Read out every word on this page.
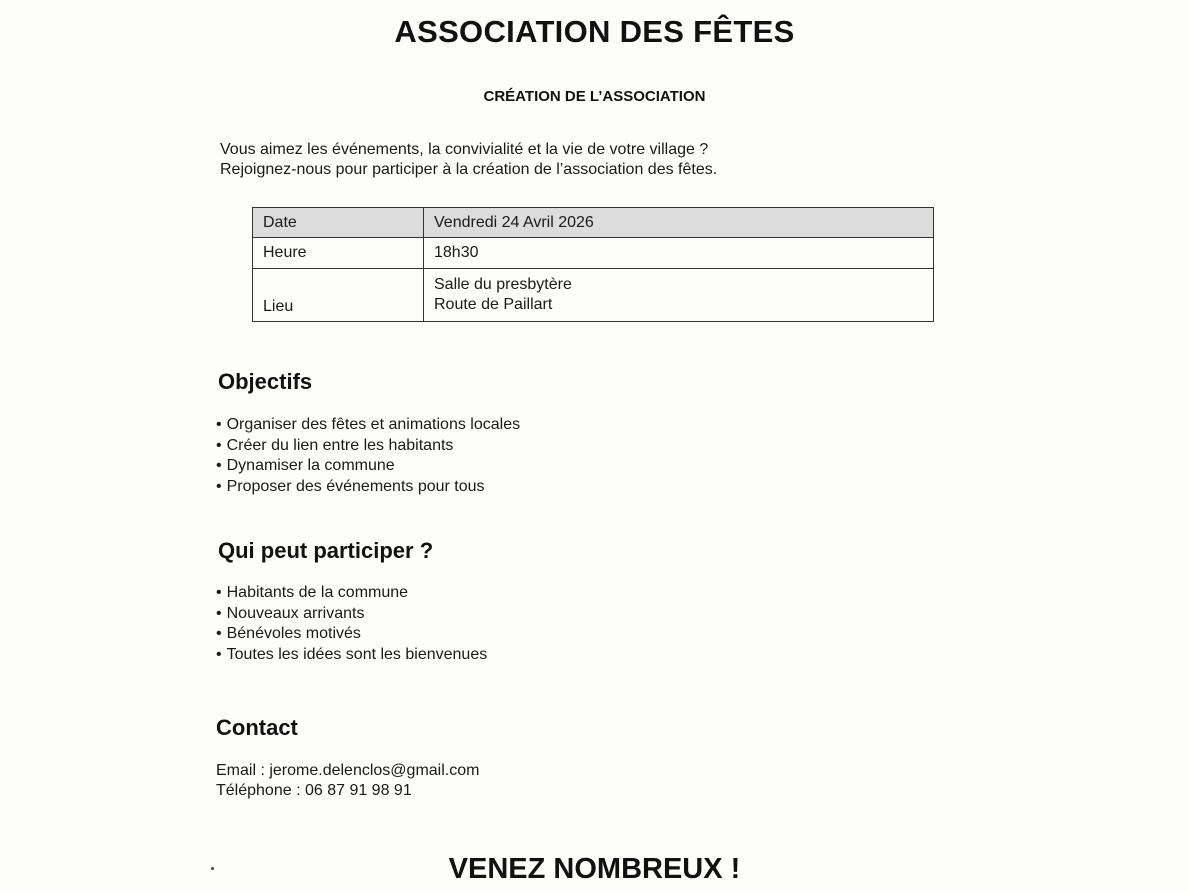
ASSOCIATION DES FÊTES
CRÉATION DE L’ASSOCIATION

Vous aimez les événements, la convivialité et la vie de votre village ?

Rejoignez-nous pour participer à la création de l’association des fêtes.

Date	Vendredi 24 Avril 2026
Heure	18h30
Lieu	Salle du presbytère
Route de Paillart
Objectifs
• Organiser des fêtes et animations locales
• Créer du lien entre les habitants
• Dynamiser la commune
• Proposer des événements pour tous
Qui peut participer ?
• Habitants de la commune
• Nouveaux arrivants
• Bénévoles motivés
• Toutes les idées sont les bienvenues
Contact

Email : jerome.delenclos@gmail.com

Téléphone : 06 87 91 98 91

VENEZ NOMBREUX !
